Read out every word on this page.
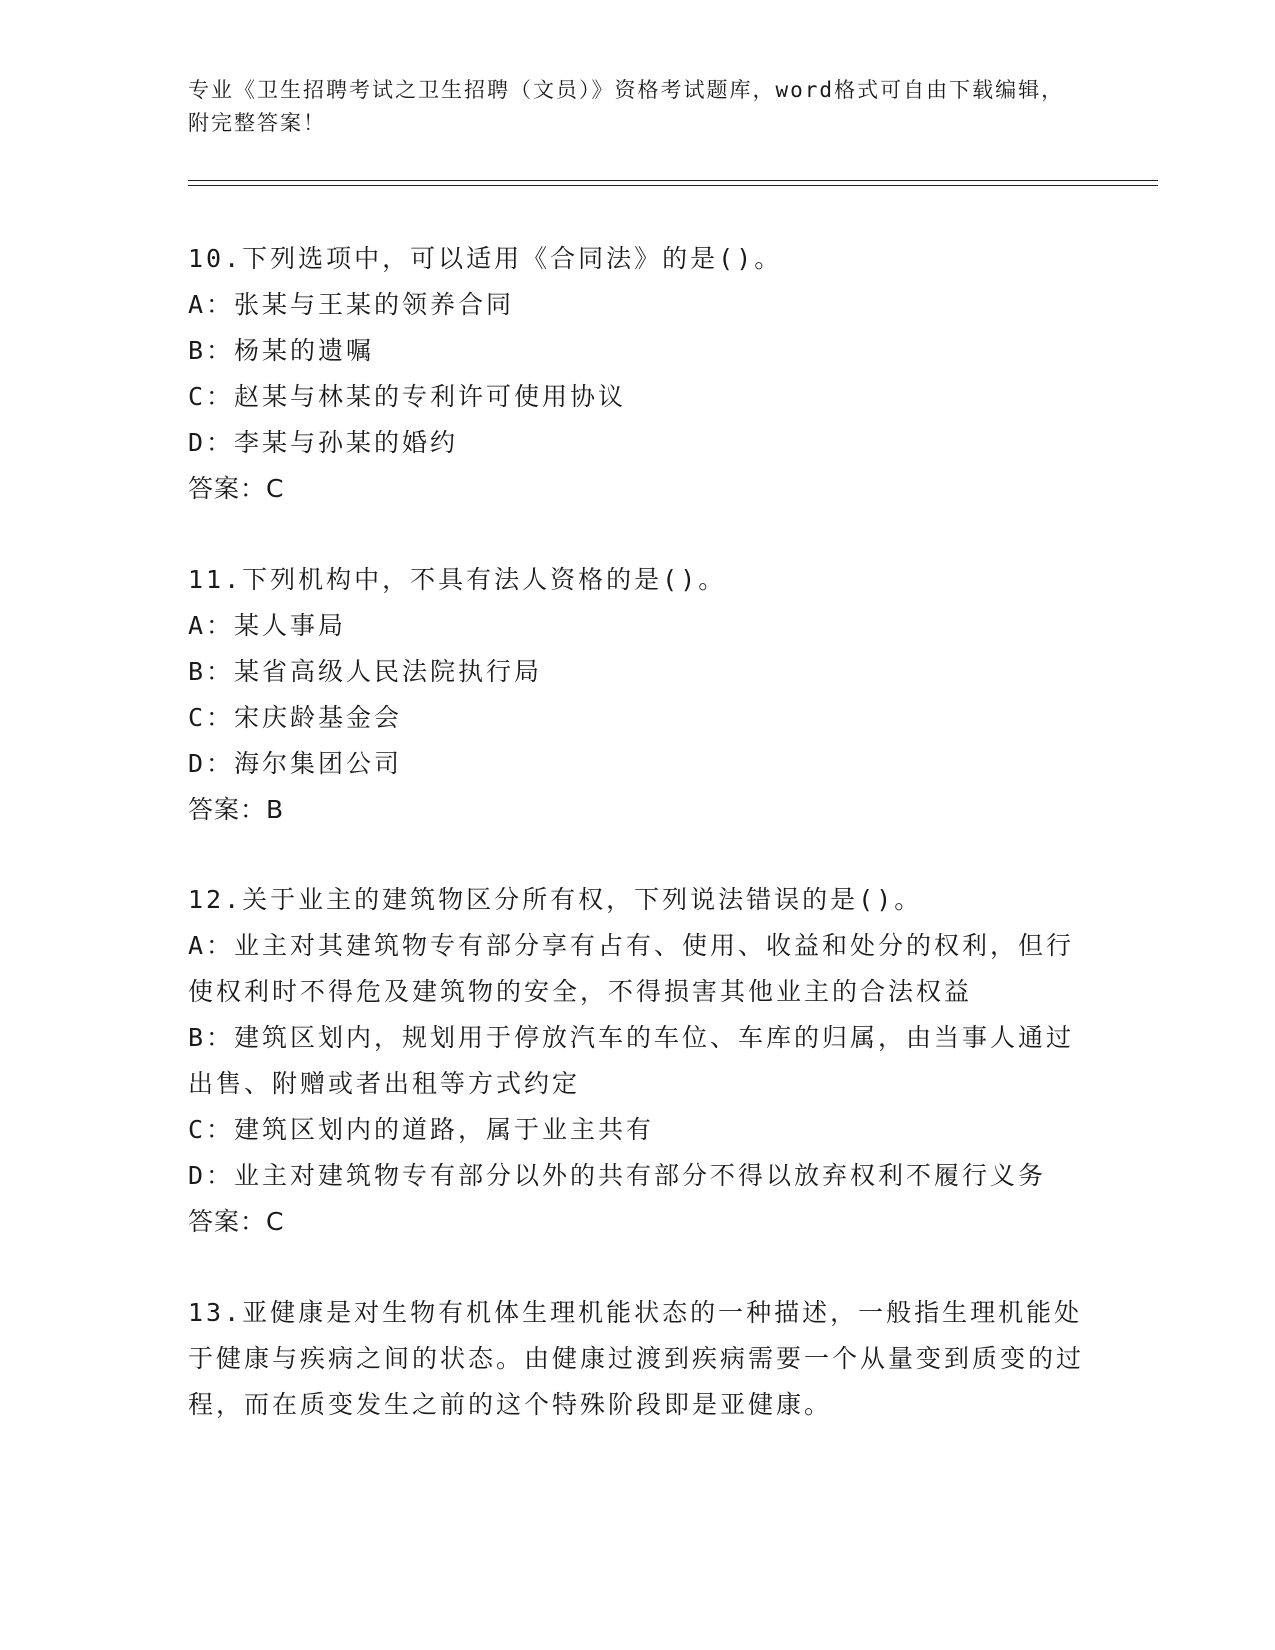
专业《卫生招聘考试之卫生招聘（文员）》资格考试题库，word格式可自由下载编辑，附完整答案！
10.下列选项中，可以适用《合同法》的是()。
A：张某与王某的领养合同
B：杨某的遗嘱
C：赵某与林某的专利许可使用协议
D：李某与孙某的婚约
答案：C
11.下列机构中，不具有法人资格的是()。
A：某人事局
B：某省高级人民法院执行局
C：宋庆龄基金会
D：海尔集团公司
答案：B
12.关于业主的建筑物区分所有权，下列说法错误的是()。
A：业主对其建筑物专有部分享有占有、使用、收益和处分的权利，但行使权利时不得危及建筑物的安全，不得损害其他业主的合法权益
B：建筑区划内，规划用于停放汽车的车位、车库的归属，由当事人通过出售、附赠或者出租等方式约定
C：建筑区划内的道路，属于业主共有
D：业主对建筑物专有部分以外的共有部分不得以放弃权利不履行义务
答案：C
13.亚健康是对生物有机体生理机能状态的一种描述，一般指生理机能处于健康与疾病之间的状态。由健康过渡到疾病需要一个从量变到质变的过程，而在质变发生之前的这个特殊阶段即是亚健康。
